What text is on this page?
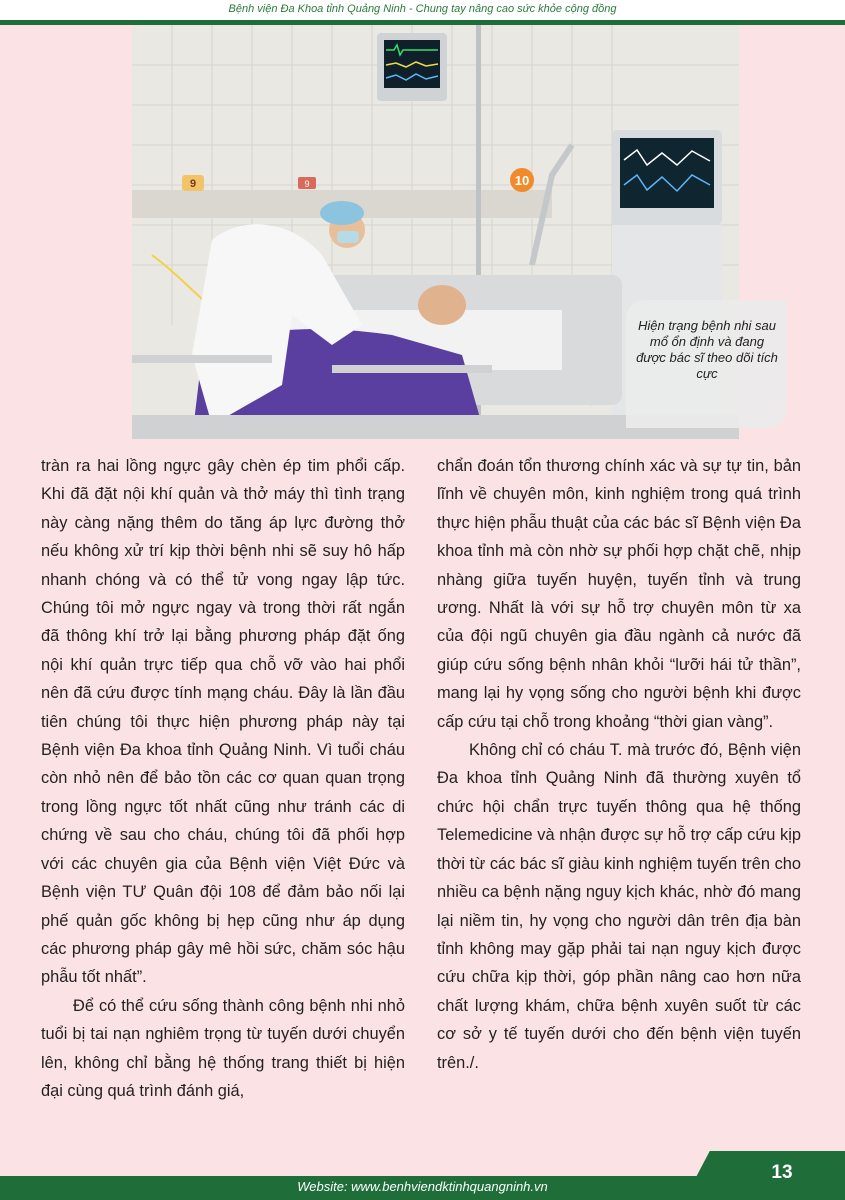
Bệnh viện Đa Khoa tỉnh Quảng Ninh - Chung tay nâng cao sức khỏe cộng đồng
9	9	10
Hiện trạng bệnh nhi sau mổ ổn định và đang được bác sĩ theo dõi tích cực

tràn ra hai lồng ngực gây chèn ép tim phổi cấp. Khi đã đặt nội khí quản và thở máy thì tình trạng này càng nặng thêm do tăng áp lực đường thở nếu không xử trí kịp thời bệnh nhi sẽ suy hô hấp nhanh chóng và có thể tử vong ngay lập tức. Chúng tôi mở ngực ngay và trong thời rất ngắn đã thông khí trở lại bằng phương pháp đặt ống nội khí quản trực tiếp qua chỗ vỡ vào hai phổi nên đã cứu được tính mạng cháu. Đây là lần đầu tiên chúng tôi thực hiện phương pháp này tại Bệnh viện Đa khoa tỉnh Quảng Ninh. Vì tuổi cháu còn nhỏ nên để bảo tồn các cơ quan quan trọng trong lồng ngực tốt nhất cũng như tránh các di chứng về sau cho cháu, chúng tôi đã phối hợp với các chuyên gia của Bệnh viện Việt Đức và Bệnh viện TƯ Quân đội 108 để đảm bảo nối lại phế quản gốc không bị hẹp cũng như áp dụng các phương pháp gây mê hồi sức, chăm sóc hậu phẫu tốt nhất”.

Để có thể cứu sống thành công bệnh nhi nhỏ tuổi bị tai nạn nghiêm trọng từ tuyến dưới chuyển lên, không chỉ bằng hệ thống trang thiết bị hiện đại cùng quá trình đánh giá,

chẩn đoán tổn thương chính xác và sự tự tin, bản lĩnh về chuyên môn, kinh nghiệm trong quá trình thực hiện phẫu thuật của các bác sĩ Bệnh viện Đa khoa tỉnh mà còn nhờ sự phối hợp chặt chẽ, nhịp nhàng giữa tuyến huyện, tuyến tỉnh và trung ương. Nhất là với sự hỗ trợ chuyên môn từ xa của đội ngũ chuyên gia đầu ngành cả nước đã giúp cứu sống bệnh nhân khỏi “lưỡi hái tử thần”, mang lại hy vọng sống cho người bệnh khi được cấp cứu tại chỗ trong khoảng “thời gian vàng”.

Không chỉ có cháu T. mà trước đó, Bệnh viện Đa khoa tỉnh Quảng Ninh đã thường xuyên tổ chức hội chẩn trực tuyến thông qua hệ thống Telemedicine và nhận được sự hỗ trợ cấp cứu kịp thời từ các bác sĩ giàu kinh nghiệm tuyến trên cho nhiều ca bệnh nặng nguy kịch khác, nhờ đó mang lại niềm tin, hy vọng cho người dân trên địa bàn tỉnh không may gặp phải tai nạn nguy kịch được cứu chữa kịp thời, góp phần nâng cao hơn nữa chất lượng khám, chữa bệnh xuyên suốt từ các cơ sở y tế tuyến dưới cho đến bệnh viện tuyến trên./.

Website: www.benhviendktinhquangninh.vn
13
